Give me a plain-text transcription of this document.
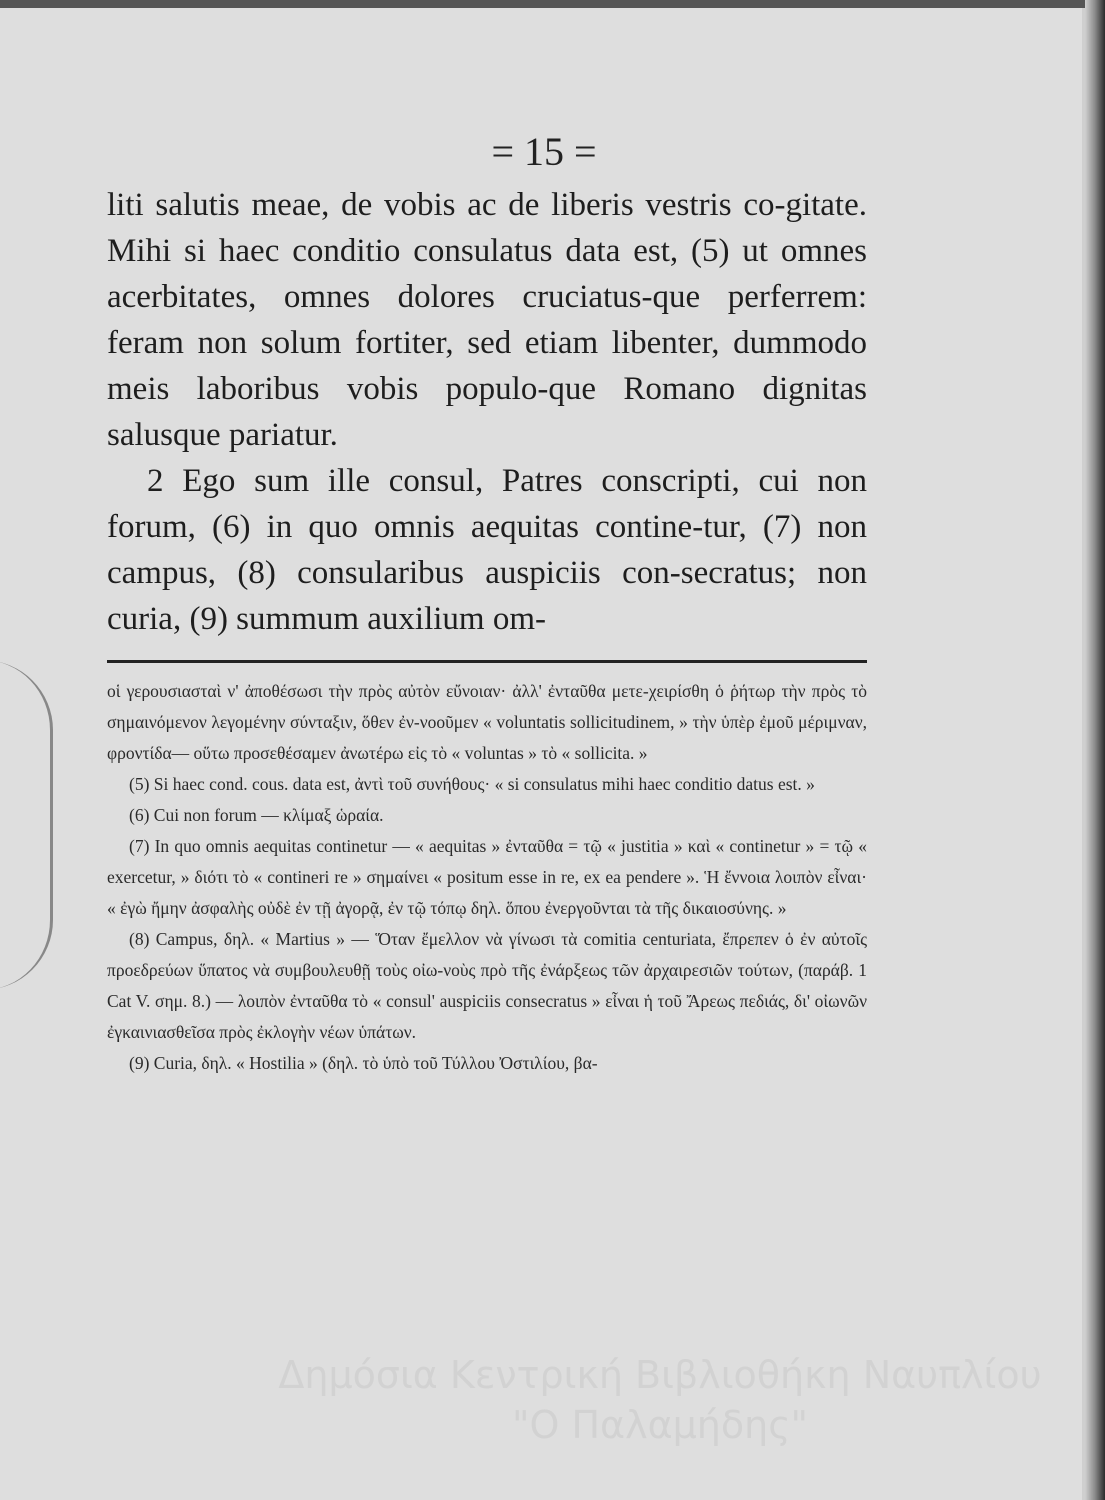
= 15 =

liti salutis meae, de vobis ac de liberis vestris co-gitate. Mihi si haec conditio consulatus data est, (5) ut omnes acerbitates, omnes dolores cruciatus-que perferrem: feram non solum fortiter, sed etiam libenter, dummodo meis laboribus vobis populo-que Romano dignitas salusque pariatur.

2 Ego sum ille consul, Patres conscripti, cui non forum, (6) in quo omnis aequitas contine-tur, (7) non campus, (8) consularibus auspiciis con-secratus; non curia, (9) summum auxilium om-

οἱ γερουσιασταὶ ν' ἀποθέσωσι τὴν πρὸς αὐτὸν εὔνοιαν· ἀλλ' ἐνταῦθα μετε-χειρίσθη ὁ ῥήτωρ τὴν πρὸς τὸ σημαινόμενον λεγομένην σύνταξιν, ὅθεν ἐν-νοοῦμεν « voluntatis sollicitudinem, » τὴν ὑπὲρ ἐμοῦ μέριμναν, φροντίδα— οὕτω προσεθέσαμεν ἀνωτέρω εἰς τὸ « voluntas » τὸ « sollicita. »

(5) Si haec cond. cous. data est, ἀντὶ τοῦ συνήθους· « si consulatus mihi haec conditio datus est. »

(6) Cui non forum — κλίμαξ ὡραία.

(7) In quo omnis aequitas continetur — « aequitas » ἐνταῦθα = τῷ « justitia » καὶ « continetur » = τῷ « exercetur, » διότι τὸ « contineri re » σημαίνει « positum esse in re, ex ea pendere ». Ἡ ἔννοια λοιπὸν εἶναι· « ἐγὼ ἤμην ἀσφαλὴς οὐδὲ ἐν τῇ ἀγορᾷ, ἐν τῷ τόπῳ δηλ. ὅπου ἐνεργοῦνται τὰ τῆς δικαιοσύνης. »

(8) Campus, δηλ. « Martius » — Ὅταν ἔμελλον νὰ γίνωσι τὰ comitia centuriata, ἔπρεπεν ὁ ἐν αὐτοῖς προεδρεύων ὕπατος νὰ συμβουλευθῇ τοὺς οἰω-νοὺς πρὸ τῆς ἐνάρξεως τῶν ἀρχαιρεσιῶν τούτων, (παράβ. 1 Cat V. σημ. 8.) — λοιπὸν ἐνταῦθα τὸ « consul' auspiciis consecratus » εἶναι ἡ τοῦ Ἄρεως πεδιάς, δι' οἰωνῶν ἐγκαινιασθεῖσα πρὸς ἐκλογὴν νέων ὑπάτων.

(9) Curia, δηλ. « Hostilia » (δηλ. τὸ ὑπὸ τοῦ Τύλλου Ὀστιλίου, βα-

Δημόσια Κεντρική Βιβλιοθήκη Ναυπλίου
"Ο Παλαμήδης"
